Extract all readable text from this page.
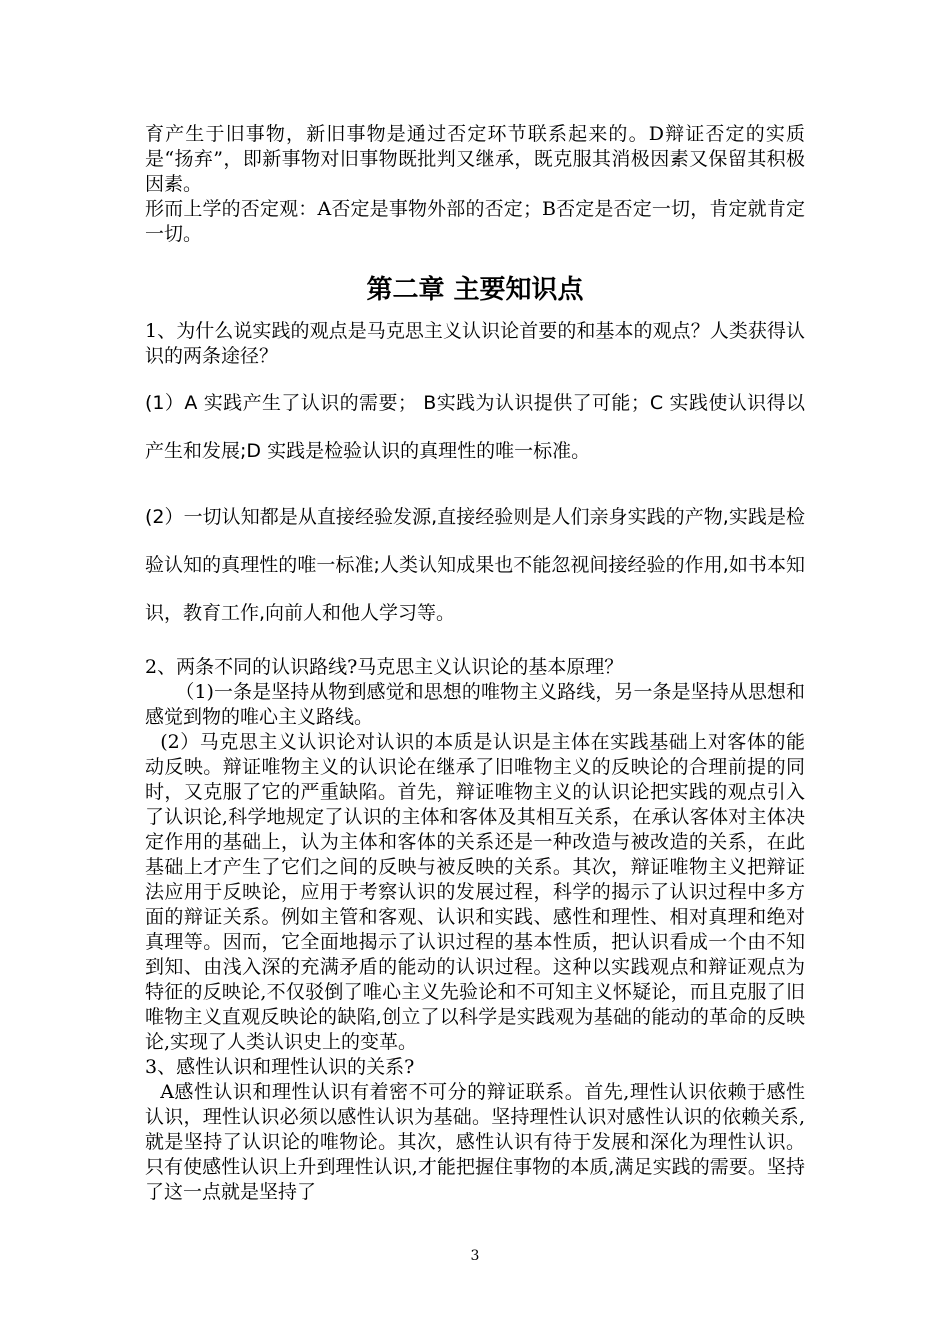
育产生于旧事物，新旧事物是通过否定环节联系起来的。D辩证否定的实质是“扬弃”，即新事物对旧事物既批判又继承，既克服其消极因素又保留其积极因素。

形而上学的否定观：A否定是事物外部的否定；B否定是否定一切，肯定就肯定一切。

第二章 主要知识点

1、为什么说实践的观点是马克思主义认识论首要的和基本的观点？人类获得认识的两条途径？

(1）A 实践产生了认识的需要； B实践为认识提供了可能；C 实践使认识得以产生和发展;D 实践是检验认识的真理性的唯一标准。

(2）一切认知都是从直接经验发源,直接经验则是人们亲身实践的产物,实践是检验认知的真理性的唯一标准;人类认知成果也不能忽视间接经验的作用,如书本知识，教育工作,向前人和他人学习等。

2、两条不同的认识路线?马克思主义认识论的基本原理？

（1)一条是坚持从物到感觉和思想的唯物主义路线，另一条是坚持从思想和感觉到物的唯心主义路线。

(2）马克思主义认识论对认识的本质是认识是主体在实践基础上对客体的能动反映。辩证唯物主义的认识论在继承了旧唯物主义的反映论的合理前提的同时，又克服了它的严重缺陷。首先，辩证唯物主义的认识论把实践的观点引入了认识论,科学地规定了认识的主体和客体及其相互关系，在承认客体对主体决定作用的基础上，认为主体和客体的关系还是一种改造与被改造的关系，在此基础上才产生了它们之间的反映与被反映的关系。其次，辩证唯物主义把辩证法应用于反映论，应用于考察认识的发展过程，科学的揭示了认识过程中多方面的辩证关系。例如主管和客观、认识和实践、感性和理性、相对真理和绝对真理等。因而，它全面地揭示了认识过程的基本性质，把认识看成一个由不知到知、由浅入深的充满矛盾的能动的认识过程。这种以实践观点和辩证观点为特征的反映论,不仅驳倒了唯心主义先验论和不可知主义怀疑论，而且克服了旧唯物主义直观反映论的缺陷,创立了以科学是实践观为基础的能动的革命的反映论,实现了人类认识史上的变革。

3、感性认识和理性认识的关系?

A感性认识和理性认识有着密不可分的辩证联系。首先,理性认识依赖于感性认识，理性认识必须以感性认识为基础。坚持理性认识对感性认识的依赖关系,就是坚持了认识论的唯物论。其次，感性认识有待于发展和深化为理性认识。只有使感性认识上升到理性认识,才能把握住事物的本质,满足实践的需要。坚持了这一点就是坚持了

3
